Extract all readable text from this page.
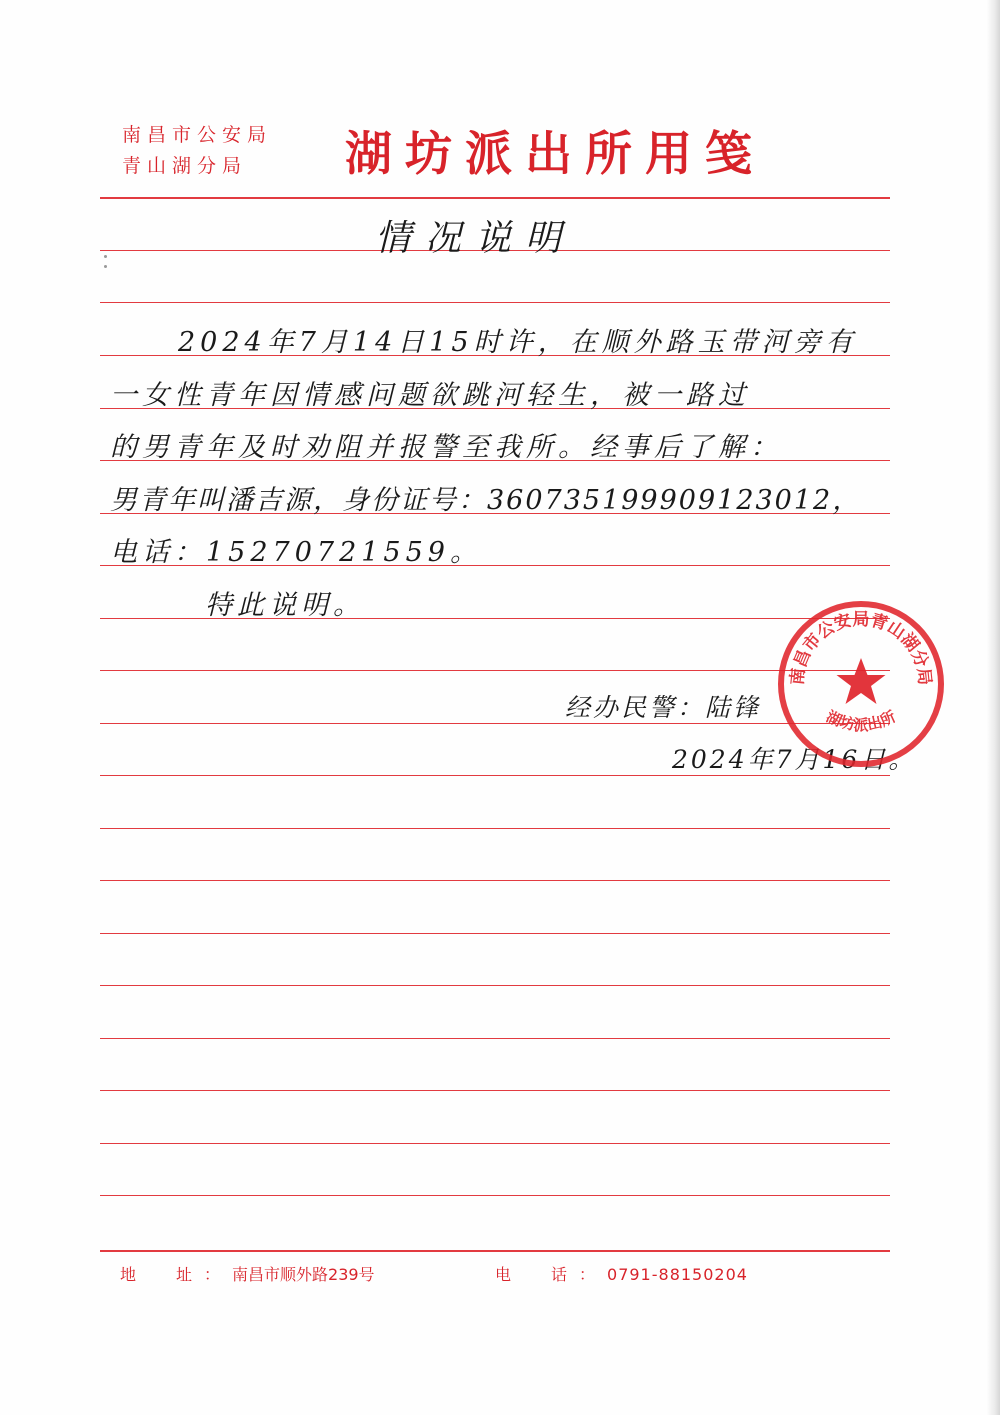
南昌市公安局
青山湖分局	湖坊派出所用笺
情况说明
2024年7月14日15时许，在顺外路玉带河旁有
一女性青年因情感问题欲跳河轻生，被一路过
的男青年及时劝阻并报警至我所。经事后了解：
男青年叫潘吉源，身份证号：360735199909123012，
电话：15270721559。
特此说明。
经办民警：陆锋
2024年7月16日。
南昌市公安局青山湖分局
湖坊派出所
地　址：南昌市顺外路239号	电　话：0791-88150204
